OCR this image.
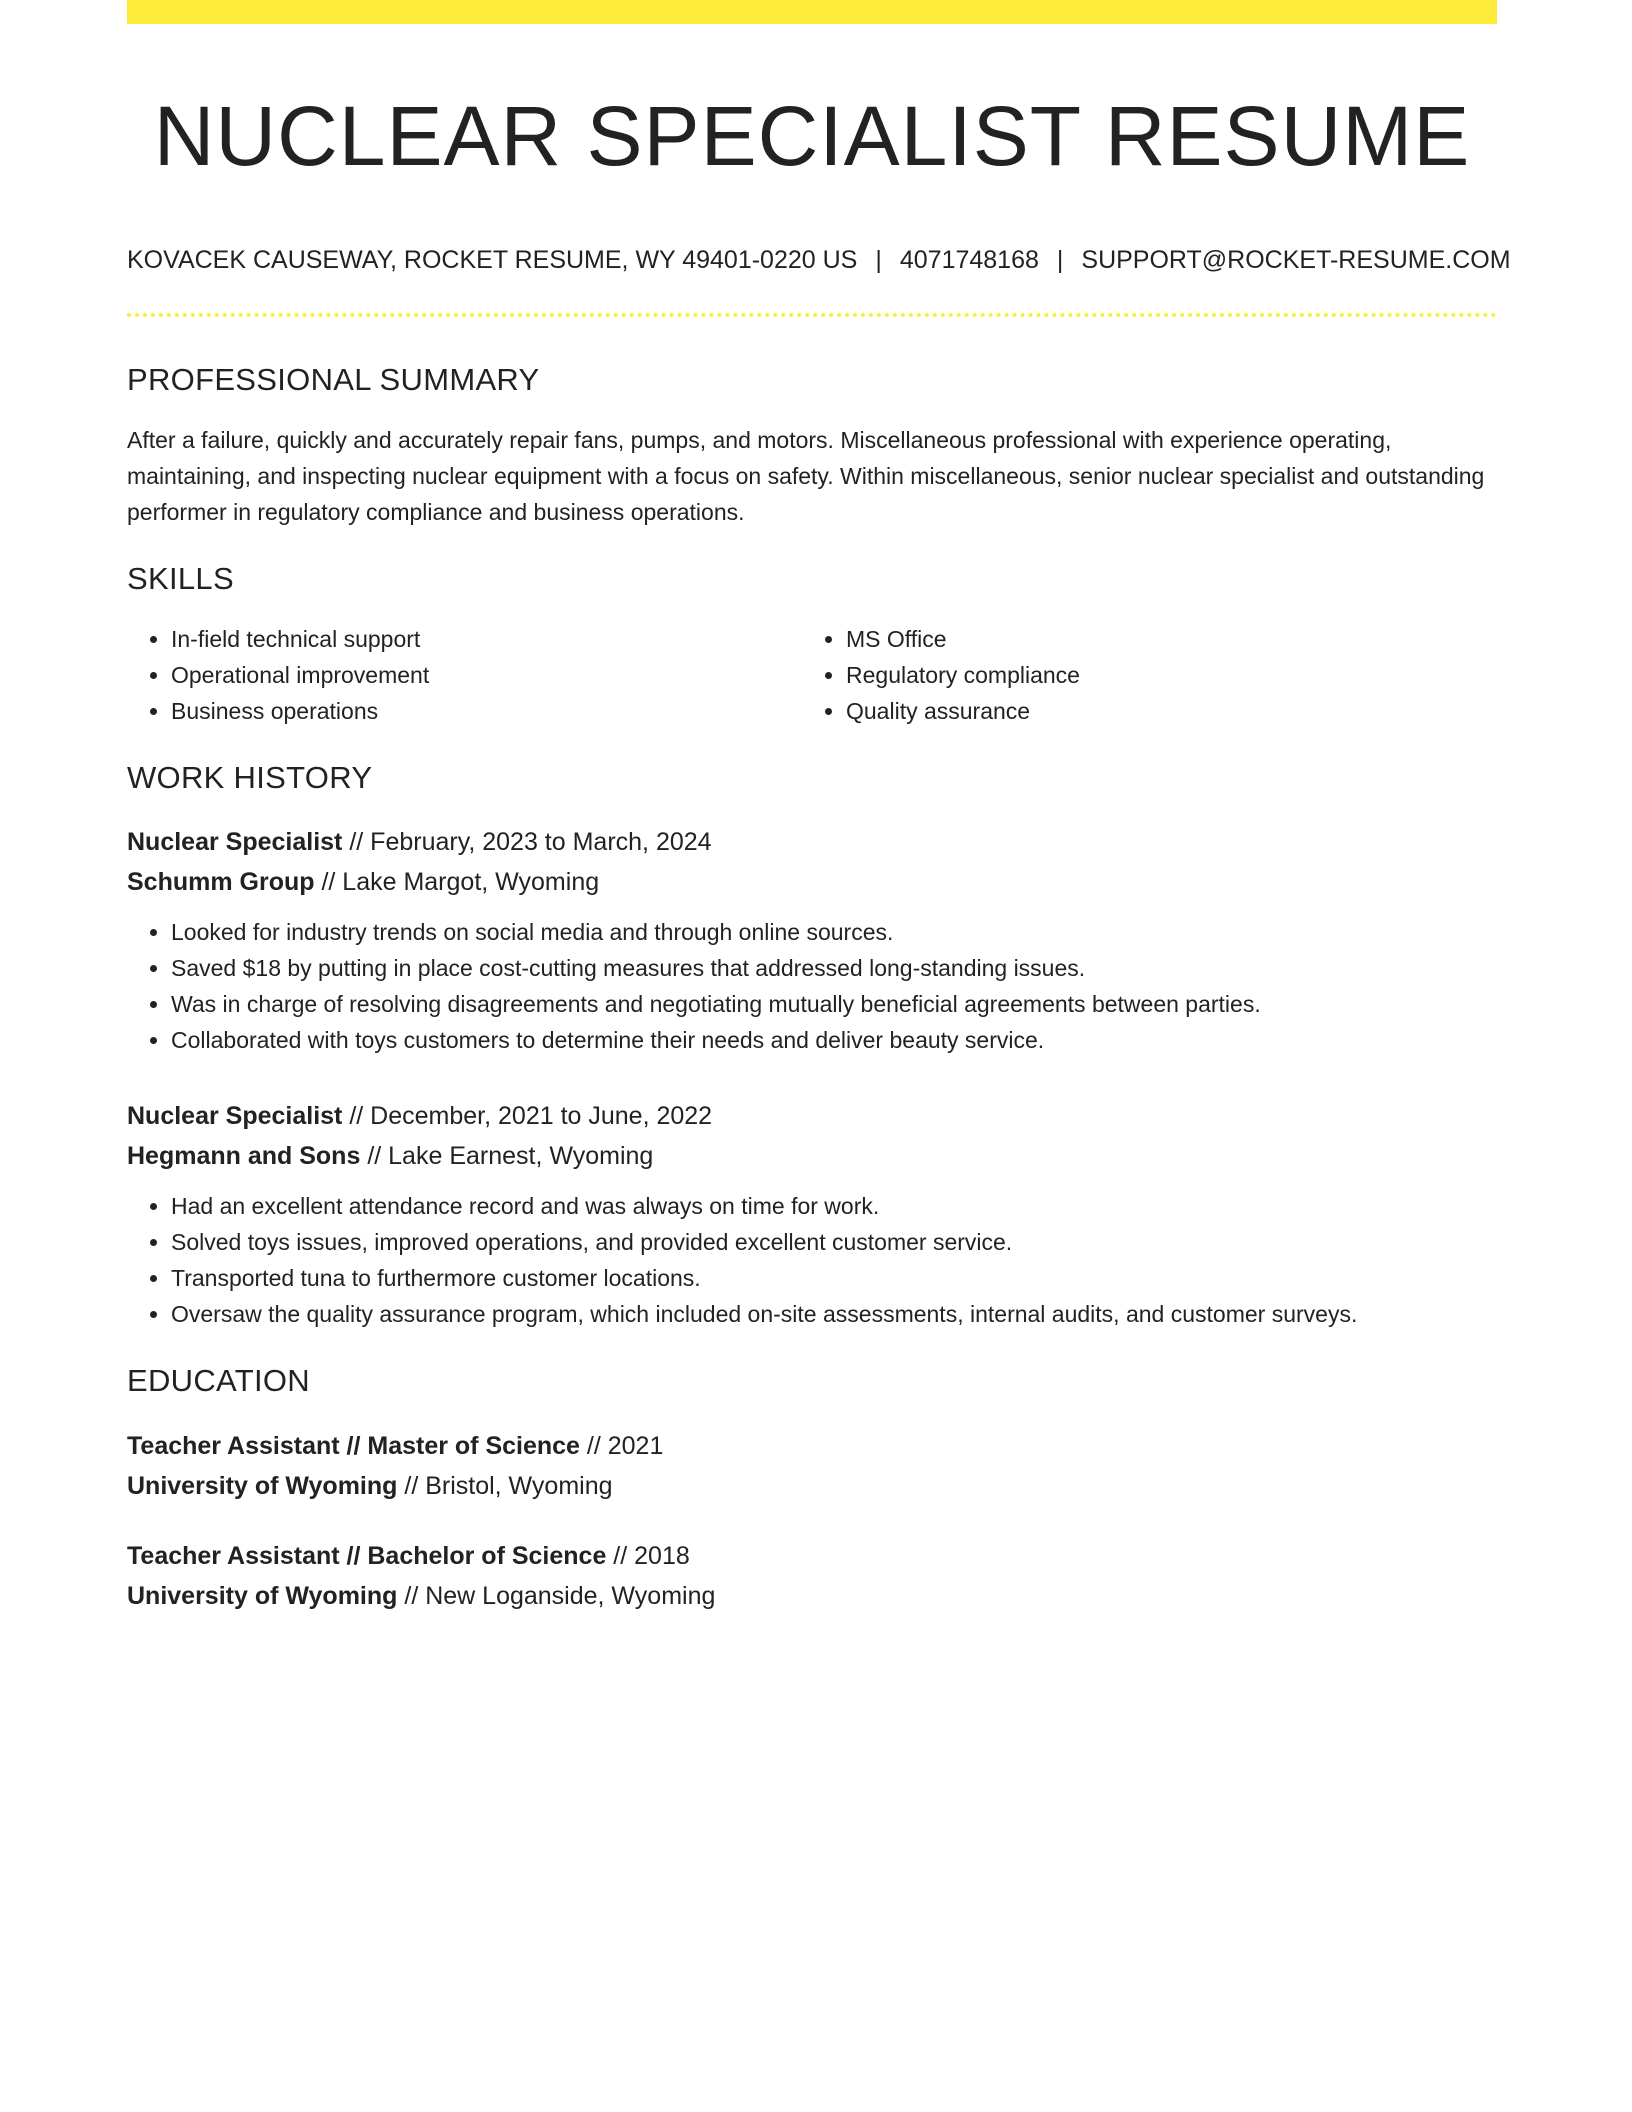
NUCLEAR SPECIALIST RESUME
KOVACEK CAUSEWAY, ROCKET RESUME, WY 49401-0220 US | 4071748168 | SUPPORT@ROCKET-RESUME.COM
PROFESSIONAL SUMMARY

After a failure, quickly and accurately repair fans, pumps, and motors. Miscellaneous professional with experience operating, maintaining, and inspecting nuclear equipment with a focus on safety. Within miscellaneous, senior nuclear specialist and outstanding performer in regulatory compliance and business operations.

SKILLS
• In-field technical support
• Operational improvement
• Business operations
• MS Office
• Regulatory compliance
• Quality assurance
WORK HISTORY
Nuclear Specialist // February, 2023 to March, 2024
Schumm Group // Lake Margot, Wyoming
• Looked for industry trends on social media and through online sources.
• Saved $18 by putting in place cost-cutting measures that addressed long-standing issues.
• Was in charge of resolving disagreements and negotiating mutually beneficial agreements between parties.
• Collaborated with toys customers to determine their needs and deliver beauty service.
Nuclear Specialist // December, 2021 to June, 2022
Hegmann and Sons // Lake Earnest, Wyoming
• Had an excellent attendance record and was always on time for work.
• Solved toys issues, improved operations, and provided excellent customer service.
• Transported tuna to furthermore customer locations.
• Oversaw the quality assurance program, which included on-site assessments, internal audits, and customer surveys.
EDUCATION
Teacher Assistant // Master of Science // 2021
University of Wyoming // Bristol, Wyoming
Teacher Assistant // Bachelor of Science // 2018
University of Wyoming // New Loganside, Wyoming
